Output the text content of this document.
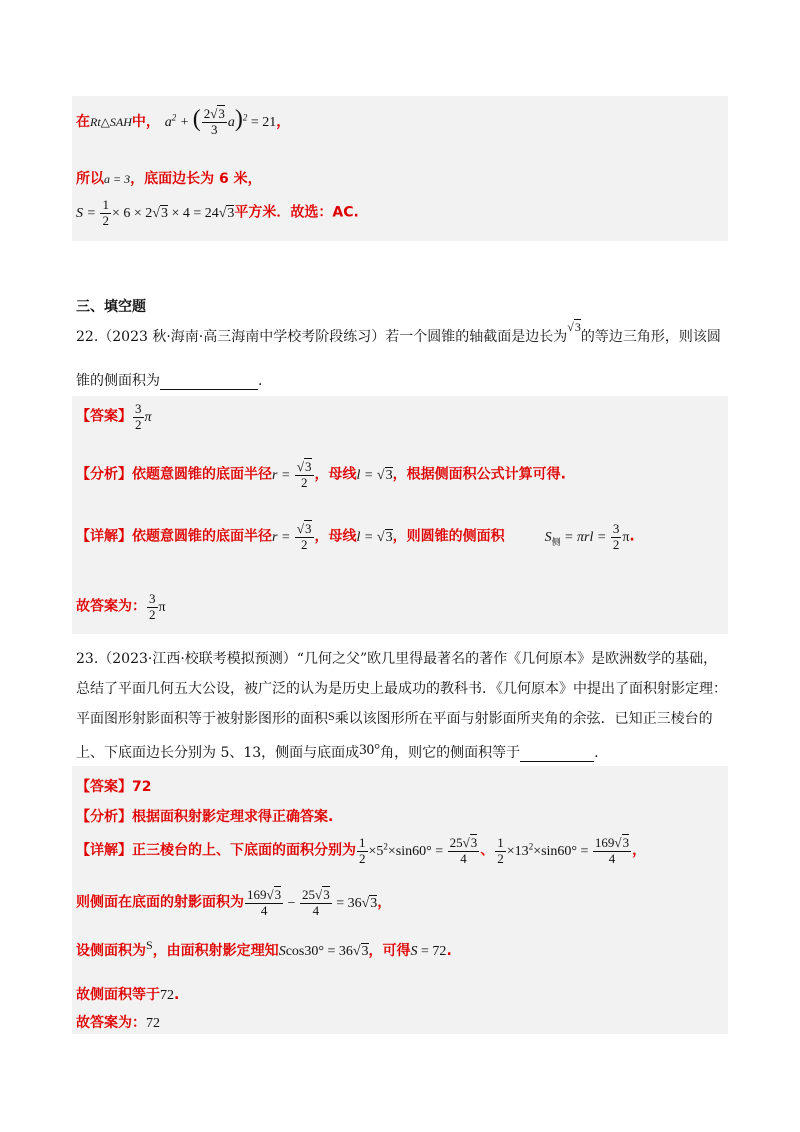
在Rt△SAH中， $a^2$ + ( $\frac{2√3}{3} a)^2 = 21$，
所以a = 3，底面边长为 6 米，
$S = \frac{1}{2} \times 6 \times 2√3 \times 4 = 24√3$平方米．故选：AC.
三、填空题
22.（2023 秋·海南·高三海南中学校考阶段练习）若一个圆锥的轴截面是边长为√3的等边三角形，则该圆
锥的侧面积为	.
【答案】 $\frac{3}{2}$ π
【分析】依题意圆锥的底面半径$r = \frac{√3}{2}$ ，母线l = √3，根据侧面积公式计算可得.
【详解】依题意圆锥的底面半径$r = \frac{√3}{2}$ ，母线l = √3，则圆锥的侧面积	$S_侧 = \pi rl = \frac{3}{2} \pi$.
故答案为： $\frac{3}{2}$ π
23.（2023·江西·校联考模拟预测）“几何之父”欧几里得最著名的著作《几何原本》是欧洲数学的基础，
总结了平面几何五大公设，被广泛的认为是历史上最成功的教科书．《几何原本》中提出了面积射影定理：
平面图形射影面积等于被射影图形的面积S乘以该图形所在平面与射影面所夹角的余弦．已知正三棱台的
上、下底面边长分别为 5、13，侧面与底面成30°角，则它的侧面积等于	.
【答案】72
【分析】根据面积射影定理求得正确答案.
【详解】正三棱台的上、下底面的面积分别为 $\frac{1}{2} \times 5^2\times\sin 60^\circ = \frac{25√3}{4}$ 、 $\frac{1}{2} \times 13^2\times\sin 60^\circ = \frac{169√3}{4}$ ，
则侧面在底面的射影面积为 $\frac{169√3}{4} - \frac{25√3}{4} = 36√3$，
设侧面积为S，由面积射影定理知Scos30° = 36√3，可得S = 72.
故侧面积等于72.
故答案为：72
